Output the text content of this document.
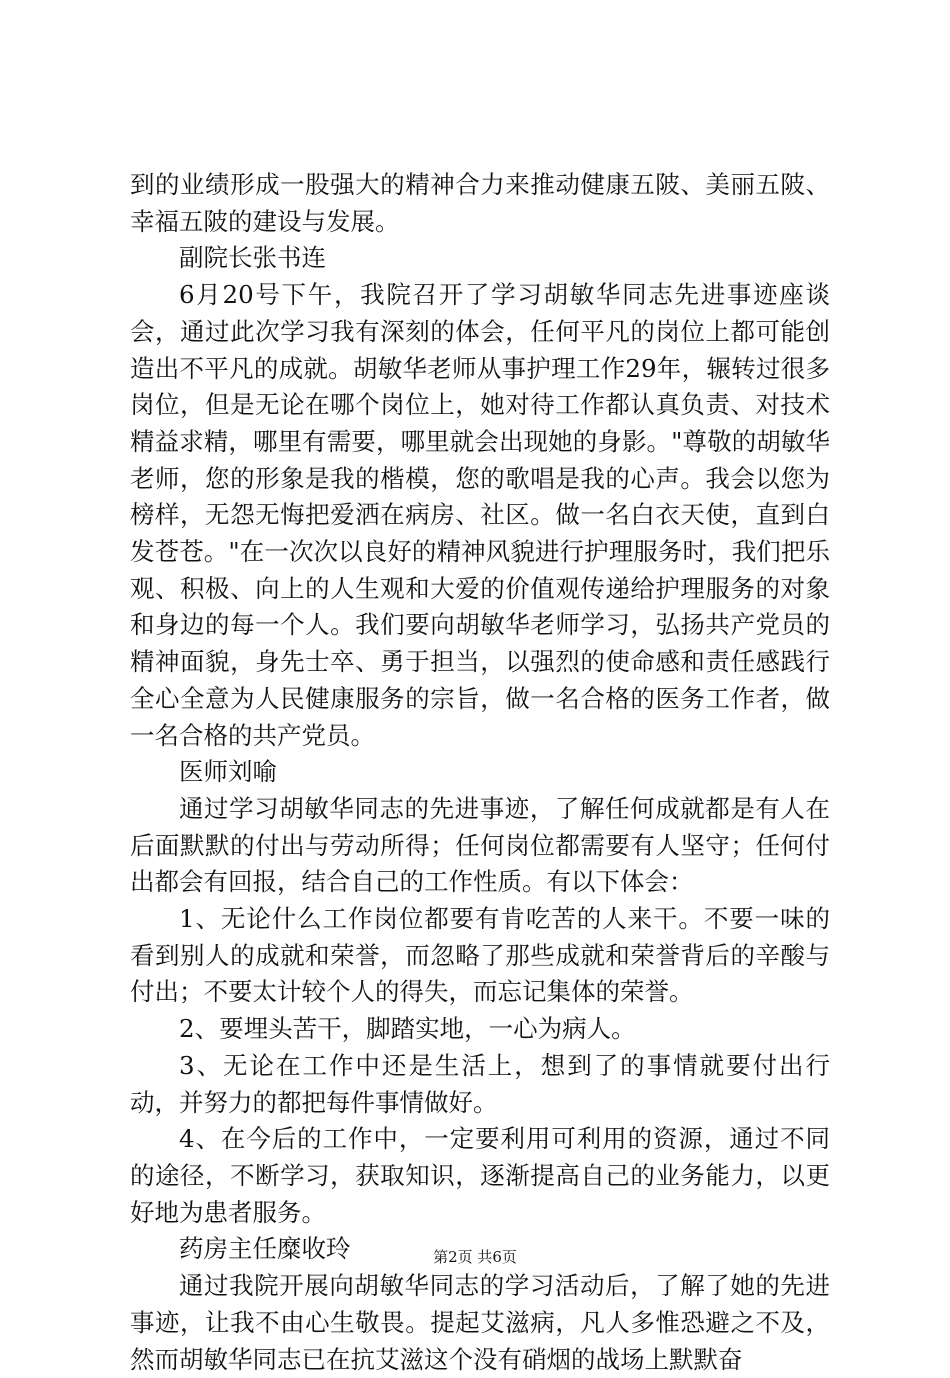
到的业绩形成一股强大的精神合力来推动健康五陂、美丽五陂、幸福五陂的建设与发展。

副院长张书连

6月20号下午，我院召开了学习胡敏华同志先进事迹座谈会，通过此次学习我有深刻的体会，任何平凡的岗位上都可能创造出不平凡的成就。胡敏华老师从事护理工作29年，辗转过很多岗位，但是无论在哪个岗位上，她对待工作都认真负责、对技术精益求精，哪里有需要，哪里就会出现她的身影。"尊敬的胡敏华老师，您的形象是我的楷模，您的歌唱是我的心声。我会以您为榜样，无怨无悔把爱洒在病房、社区。做一名白衣天使，直到白发苍苍。"在一次次以良好的精神风貌进行护理服务时，我们把乐观、积极、向上的人生观和大爱的价值观传递给护理服务的对象和身边的每一个人。我们要向胡敏华老师学习，弘扬共产党员的精神面貌，身先士卒、勇于担当，以强烈的使命感和责任感践行全心全意为人民健康服务的宗旨，做一名合格的医务工作者，做一名合格的共产党员。

医师刘喻

通过学习胡敏华同志的先进事迹，了解任何成就都是有人在后面默默的付出与劳动所得；任何岗位都需要有人坚守；任何付出都会有回报，结合自己的工作性质。有以下体会：

1、无论什么工作岗位都要有肯吃苦的人来干。不要一味的看到别人的成就和荣誉，而忽略了那些成就和荣誉背后的辛酸与付出；不要太计较个人的得失，而忘记集体的荣誉。

2、要埋头苦干，脚踏实地，一心为病人。

3、无论在工作中还是生活上，想到了的事情就要付出行动，并努力的都把每件事情做好。

4、在今后的工作中，一定要利用可利用的资源，通过不同的途径，不断学习，获取知识，逐渐提高自己的业务能力，以更好地为患者服务。

药房主任糜收玲

通过我院开展向胡敏华同志的学习活动后，了解了她的先进事迹，让我不由心生敬畏。提起艾滋病，凡人多惟恐避之不及，然而胡敏华同志已在抗艾滋这个没有硝烟的战场上默默奋

第2页 共6页
